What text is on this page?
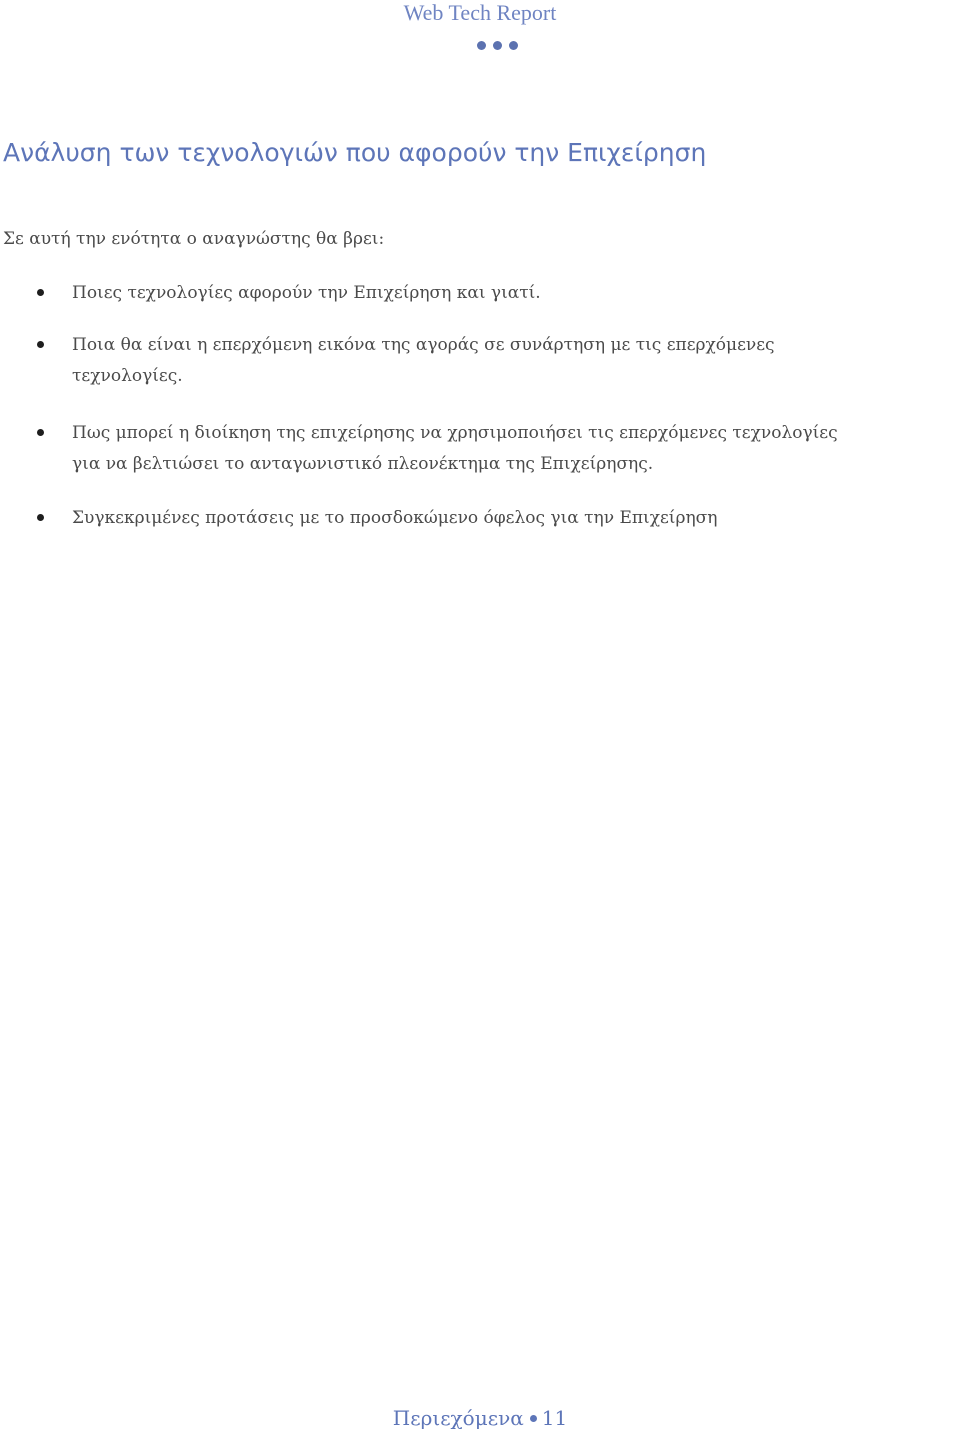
Web Tech Report
Ανάλυση των τεχνολογιών που αφορούν την Επιχείρηση

Σε αυτή την ενότητα ο αναγνώστης θα βρει:

Ποιες τεχνολογίες αφορούν την Επιχείρηση και γιατί.
Ποια θα είναι η επερχόμενη εικόνα της αγοράς σε συνάρτηση με τις επερχόμενες
τεχνολογίες.
Πως μπορεί η διοίκηση της επιχείρησης να χρησιμοποιήσει τις επερχόμενες τεχνολογίες
για να βελτιώσει το ανταγωνιστικό πλεονέκτημα της Επιχείρησης.
Συγκεκριμένες προτάσεις με το προσδοκώμενο όφελος για την Επιχείρηση
Περιεχόμενα 11
